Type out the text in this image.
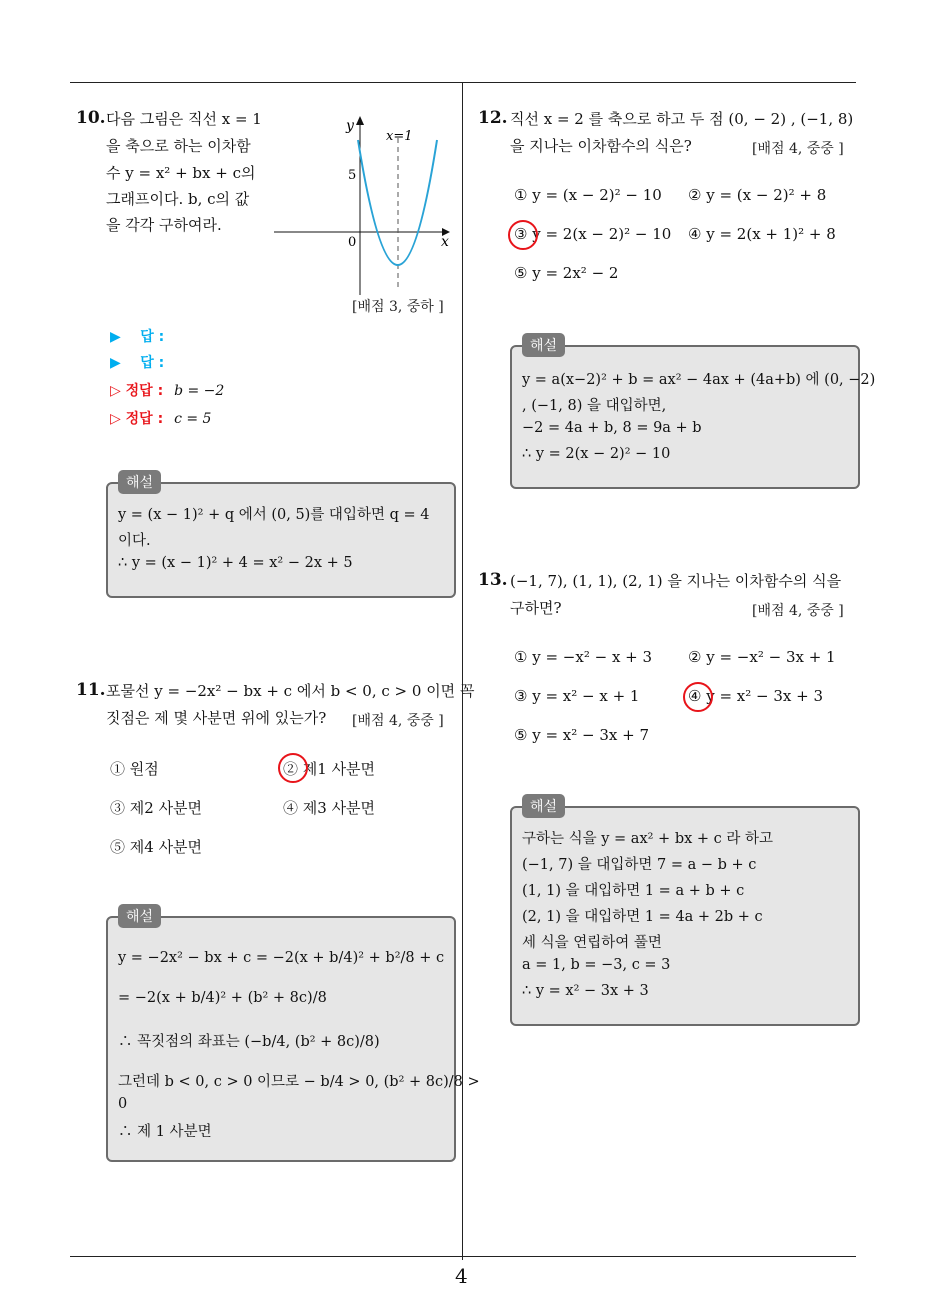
4
10. 다음 그림은 직선 x = 1
을 축으로 하는 이차함
수 y = x² + bx + c의
그래프이다. b, c의 값
을 각각 구하여라.
y
x
x=1
5
0
[배점 3, 중하 ]
▶ 답 :
▶ 답 :
▷ 정답 : b = −2
▷ 정답 : c = 5
해설
y = (x − 1)² + q 에서 (0, 5)를 대입하면 q = 4
이다.
∴ y = (x − 1)² + 4 = x² − 2x + 5
11. 포물선 y = −2x² − bx + c 에서 b < 0, c > 0 이면 꼭
짓점은 제 몇 사분면 위에 있는가? [배점 4, 중중 ]
① 원점	② 제1 사분면
③ 제2 사분면	④ 제3 사분면
⑤ 제4 사분면
해설
y = −2x² − bx + c = −2(x + b/4)² + b²/8 + c
= −2(x + b/4)² + (b² + 8c)/8
∴ 꼭짓점의 좌표는 (−b/4, (b² + 8c)/8)
그런데 b < 0, c > 0 이므로 − b/4 > 0, (b² + 8c)/8 >
0
∴ 제 1 사분면
12. 직선 x = 2 를 축으로 하고 두 점 (0, − 2) , (−1, 8)
을 지나는 이차함수의 식은?	[배점 4, 중중 ]
① y = (x − 2)² − 10 ② y = (x − 2)² + 8
③ y = 2(x − 2)² − 10 ④ y = 2(x + 1)² + 8
⑤ y = 2x² − 2
해설
y = a(x−2)² + b = ax² − 4ax + (4a+b) 에 (0, −2)
, (−1, 8) 을 대입하면,
−2 = 4a + b, 8 = 9a + b
∴ y = 2(x − 2)² − 10
13. (−1, 7), (1, 1), (2, 1) 을 지나는 이차함수의 식을
구하면?	[배점 4, 중중 ]
① y = −x² − x + 3 ② y = −x² − 3x + 1
③ y = x² − x + 1	④ y = x² − 3x + 3
⑤ y = x² − 3x + 7
해설
구하는 식을 y = ax² + bx + c 라 하고
(−1, 7) 을 대입하면 7 = a − b + c
(1, 1) 을 대입하면 1 = a + b + c
(2, 1) 을 대입하면 1 = 4a + 2b + c
세 식을 연립하여 풀면
a = 1, b = −3, c = 3
∴ y = x² − 3x + 3
